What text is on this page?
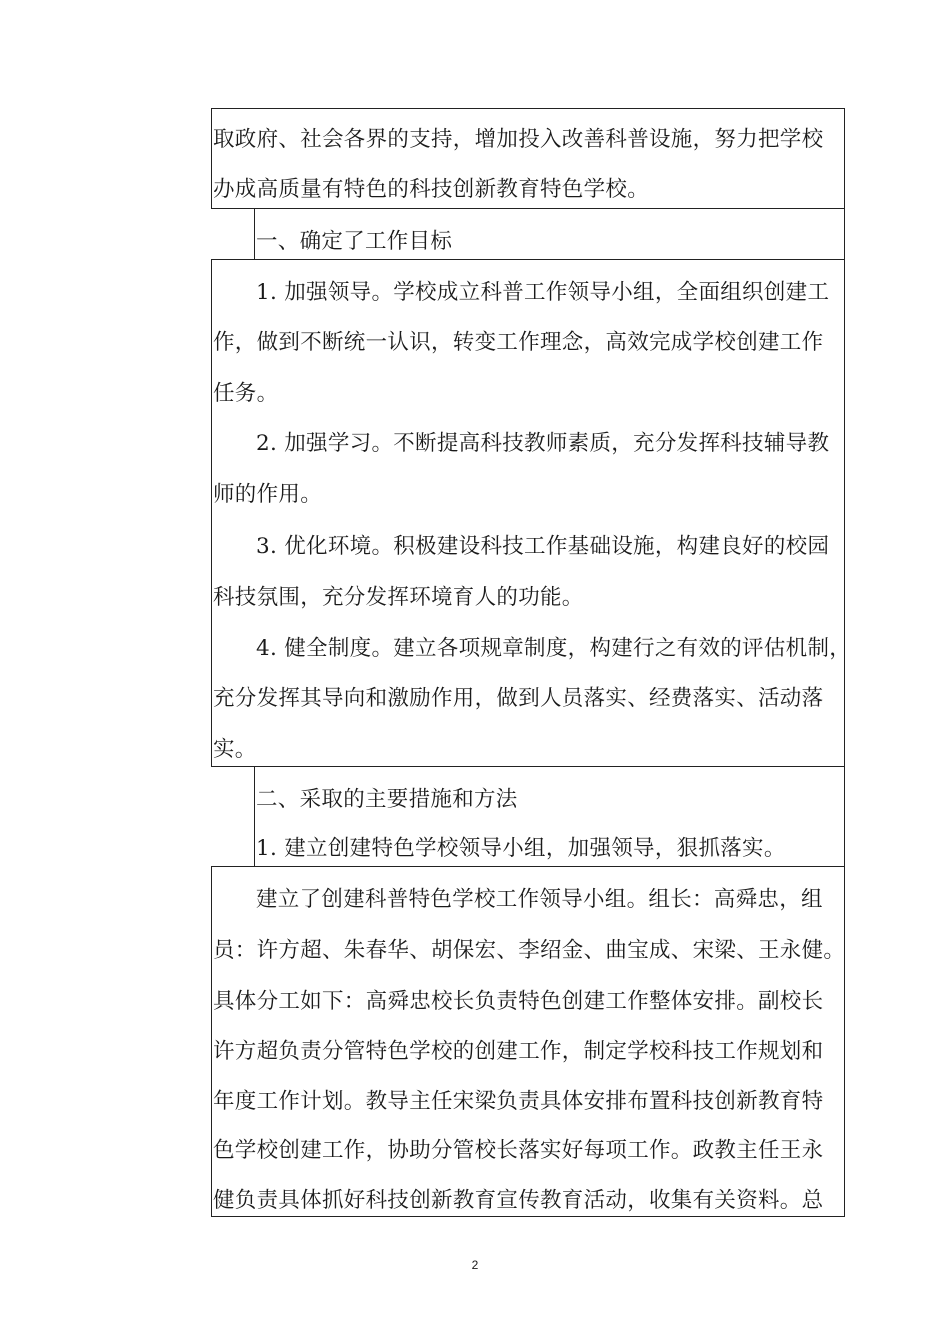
取政府、社会各界的支持，增加投入改善科普设施，努力把学校

办成高质量有特色的科技创新教育特色学校。

一、确定了工作目标

1. 加强领导。学校成立科普工作领导小组，全面组织创建工

作，做到不断统一认识，转变工作理念，高效完成学校创建工作

任务。

2. 加强学习。不断提高科技教师素质，充分发挥科技辅导教

师的作用。

3. 优化环境。积极建设科技工作基础设施，构建良好的校园

科技氛围，充分发挥环境育人的功能。

4. 健全制度。建立各项规章制度，构建行之有效的评估机制，

充分发挥其导向和激励作用，做到人员落实、经费落实、活动落

实。

二、采取的主要措施和方法

1. 建立创建特色学校领导小组，加强领导，狠抓落实。

建立了创建科普特色学校工作领导小组。组长：高舜忠，组

员：许方超、朱春华、胡保宏、李绍金、曲宝成、宋梁、王永健。

具体分工如下：高舜忠校长负责特色创建工作整体安排。副校长

许方超负责分管特色学校的创建工作，制定学校科技工作规划和

年度工作计划。教导主任宋梁负责具体安排布置科技创新教育特

色学校创建工作，协助分管校长落实好每项工作。政教主任王永

健负责具体抓好科技创新教育宣传教育活动，收集有关资料。总

2
